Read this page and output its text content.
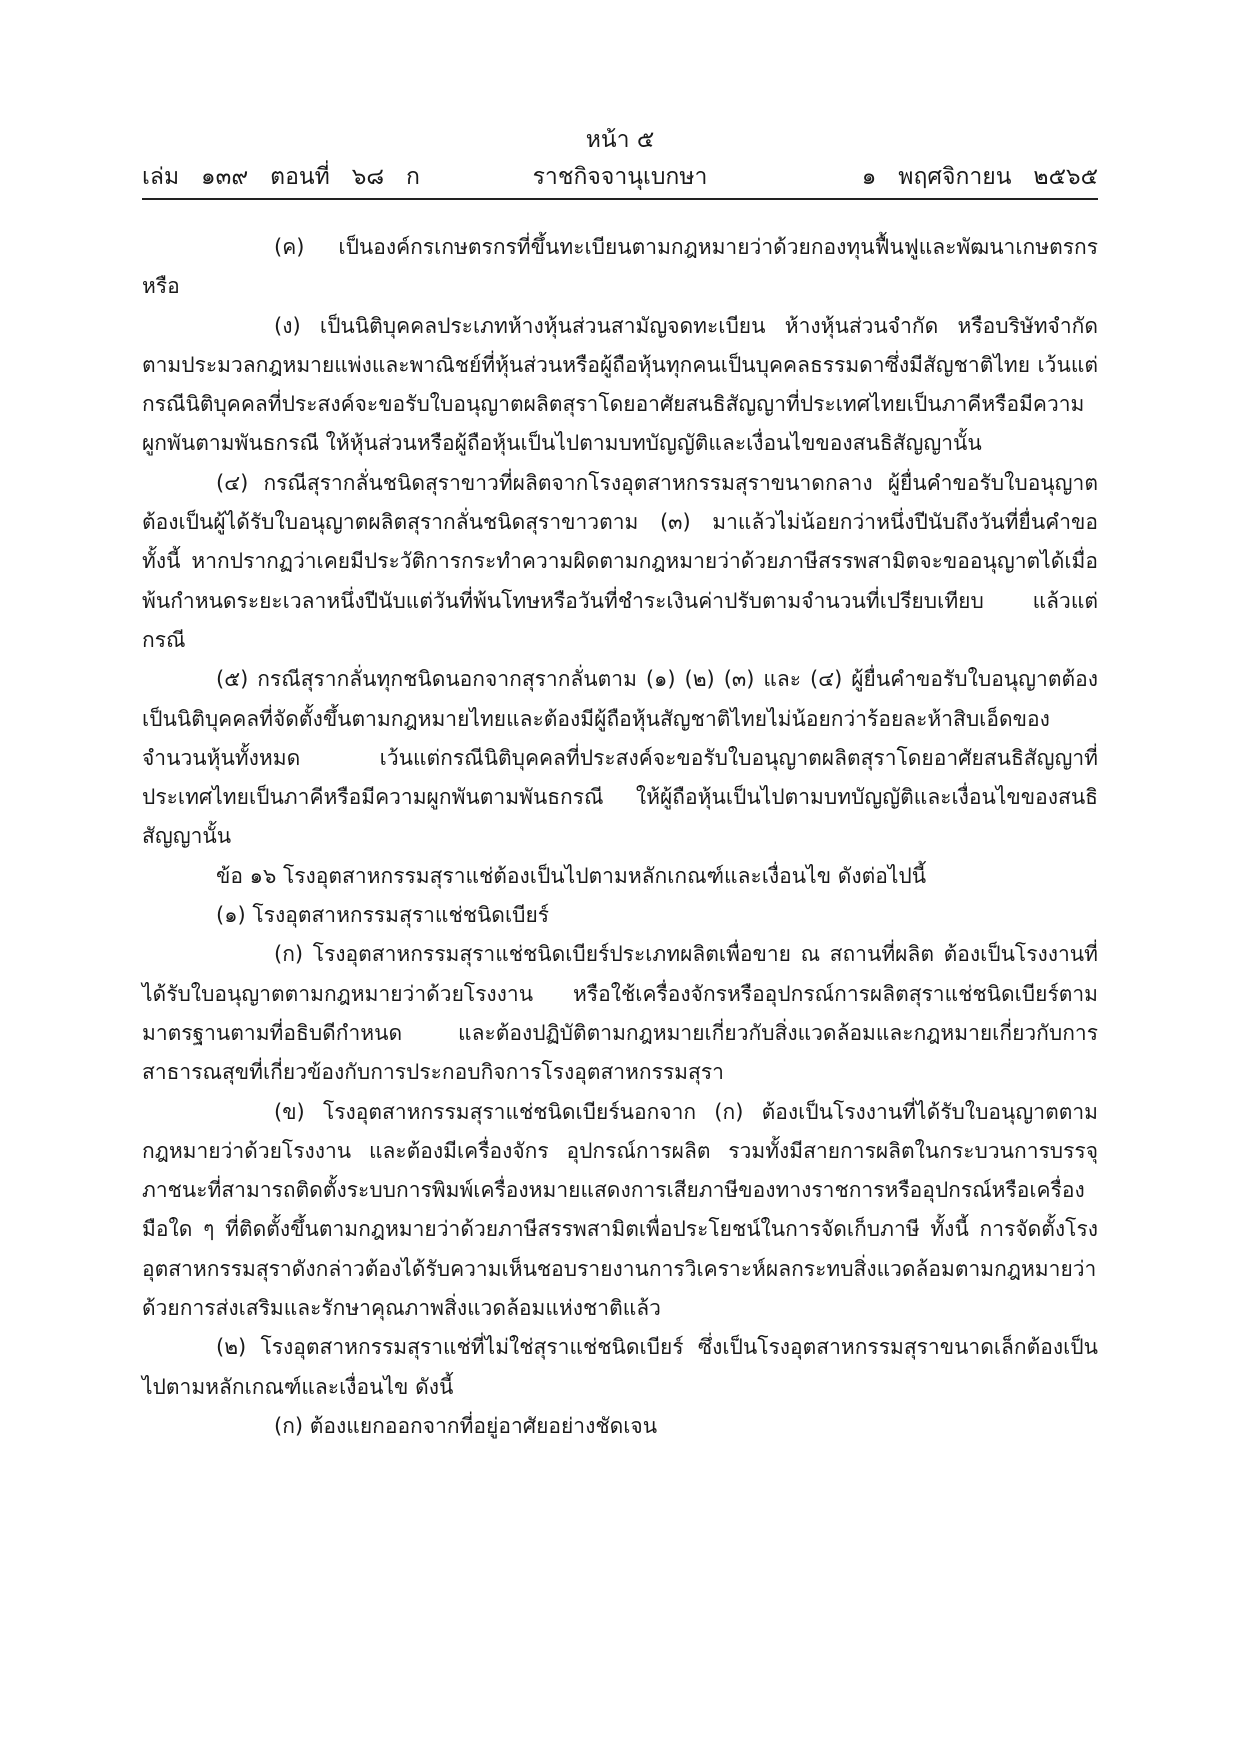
หน้า ๕
ราชกิจจานุเบกษา
เล่ม   ๑๓๙   ตอนที่   ๖๘   ก	๑   พฤศจิกายน   ๒๕๖๕

(ค) เป็นองค์กรเกษตรกรที่ขึ้นทะเบียนตามกฎหมายว่าด้วยกองทุนฟื้นฟูและพัฒนาเกษตรกร หรือ

(ง) เป็นนิติบุคคลประเภทห้างหุ้นส่วนสามัญจดทะเบียน ห้างหุ้นส่วนจำกัด หรือบริษัทจำกัดตามประมวลกฎหมายแพ่งและพาณิชย์ที่หุ้นส่วนหรือผู้ถือหุ้นทุกคนเป็นบุคคลธรรมดาซึ่งมีสัญชาติไทย เว้นแต่กรณีนิติบุคคลที่ประสงค์จะขอรับใบอนุญาตผลิตสุราโดยอาศัยสนธิสัญญาที่ประเทศไทยเป็นภาคีหรือมีความผูกพันตามพันธกรณี ให้หุ้นส่วนหรือผู้ถือหุ้นเป็นไปตามบทบัญญัติและเงื่อนไขของสนธิสัญญานั้น

(๔) กรณีสุรากลั่นชนิดสุราขาวที่ผลิตจากโรงอุตสาหกรรมสุราขนาดกลาง ผู้ยื่นคำขอรับใบอนุญาตต้องเป็นผู้ได้รับใบอนุญาตผลิตสุรากลั่นชนิดสุราขาวตาม (๓) มาแล้วไม่น้อยกว่าหนึ่งปีนับถึงวันที่ยื่นคำขอ ทั้งนี้ หากปรากฏว่าเคยมีประวัติการกระทำความผิดตามกฎหมายว่าด้วยภาษีสรรพสามิตจะขออนุญาตได้เมื่อพ้นกำหนดระยะเวลาหนึ่งปีนับแต่วันที่พ้นโทษหรือวันที่ชำระเงินค่าปรับตามจำนวนที่เปรียบเทียบ แล้วแต่กรณี

(๕) กรณีสุรากลั่นทุกชนิดนอกจากสุรากลั่นตาม (๑) (๒) (๓) และ (๔) ผู้ยื่นคำขอรับใบอนุญาตต้องเป็นนิติบุคคลที่จัดตั้งขึ้นตามกฎหมายไทยและต้องมีผู้ถือหุ้นสัญชาติไทยไม่น้อยกว่าร้อยละห้าสิบเอ็ดของจำนวนหุ้นทั้งหมด เว้นแต่กรณีนิติบุคคลที่ประสงค์จะขอรับใบอนุญาตผลิตสุราโดยอาศัยสนธิสัญญาที่ประเทศไทยเป็นภาคีหรือมีความผูกพันตามพันธกรณี ให้ผู้ถือหุ้นเป็นไปตามบทบัญญัติและเงื่อนไขของสนธิสัญญานั้น

ข้อ ๑๖ โรงอุตสาหกรรมสุราแช่ต้องเป็นไปตามหลักเกณฑ์และเงื่อนไข ดังต่อไปนี้

(๑) โรงอุตสาหกรรมสุราแช่ชนิดเบียร์

(ก) โรงอุตสาหกรรมสุราแช่ชนิดเบียร์ประเภทผลิตเพื่อขาย ณ สถานที่ผลิต ต้องเป็นโรงงานที่ได้รับใบอนุญาตตามกฎหมายว่าด้วยโรงงาน หรือใช้เครื่องจักรหรืออุปกรณ์การผลิตสุราแช่ชนิดเบียร์ตามมาตรฐานตามที่อธิบดีกำหนด และต้องปฏิบัติตามกฎหมายเกี่ยวกับสิ่งแวดล้อมและกฎหมายเกี่ยวกับการสาธารณสุขที่เกี่ยวข้องกับการประกอบกิจการโรงอุตสาหกรรมสุรา

(ข) โรงอุตสาหกรรมสุราแช่ชนิดเบียร์นอกจาก (ก) ต้องเป็นโรงงานที่ได้รับใบอนุญาตตามกฎหมายว่าด้วยโรงงาน และต้องมีเครื่องจักร อุปกรณ์การผลิต รวมทั้งมีสายการผลิตในกระบวนการบรรจุภาชนะที่สามารถติดตั้งระบบการพิมพ์เครื่องหมายแสดงการเสียภาษีของทางราชการหรืออุปกรณ์หรือเครื่องมือใด ๆ ที่ติดตั้งขึ้นตามกฎหมายว่าด้วยภาษีสรรพสามิตเพื่อประโยชน์ในการจัดเก็บภาษี ทั้งนี้ การจัดตั้งโรงอุตสาหกรรมสุราดังกล่าวต้องได้รับความเห็นชอบรายงานการวิเคราะห์ผลกระทบสิ่งแวดล้อมตามกฎหมายว่าด้วยการส่งเสริมและรักษาคุณภาพสิ่งแวดล้อมแห่งชาติแล้ว

(๒) โรงอุตสาหกรรมสุราแช่ที่ไม่ใช่สุราแช่ชนิดเบียร์ ซึ่งเป็นโรงอุตสาหกรรมสุราขนาดเล็กต้องเป็นไปตามหลักเกณฑ์และเงื่อนไข ดังนี้

(ก) ต้องแยกออกจากที่อยู่อาศัยอย่างชัดเจน
